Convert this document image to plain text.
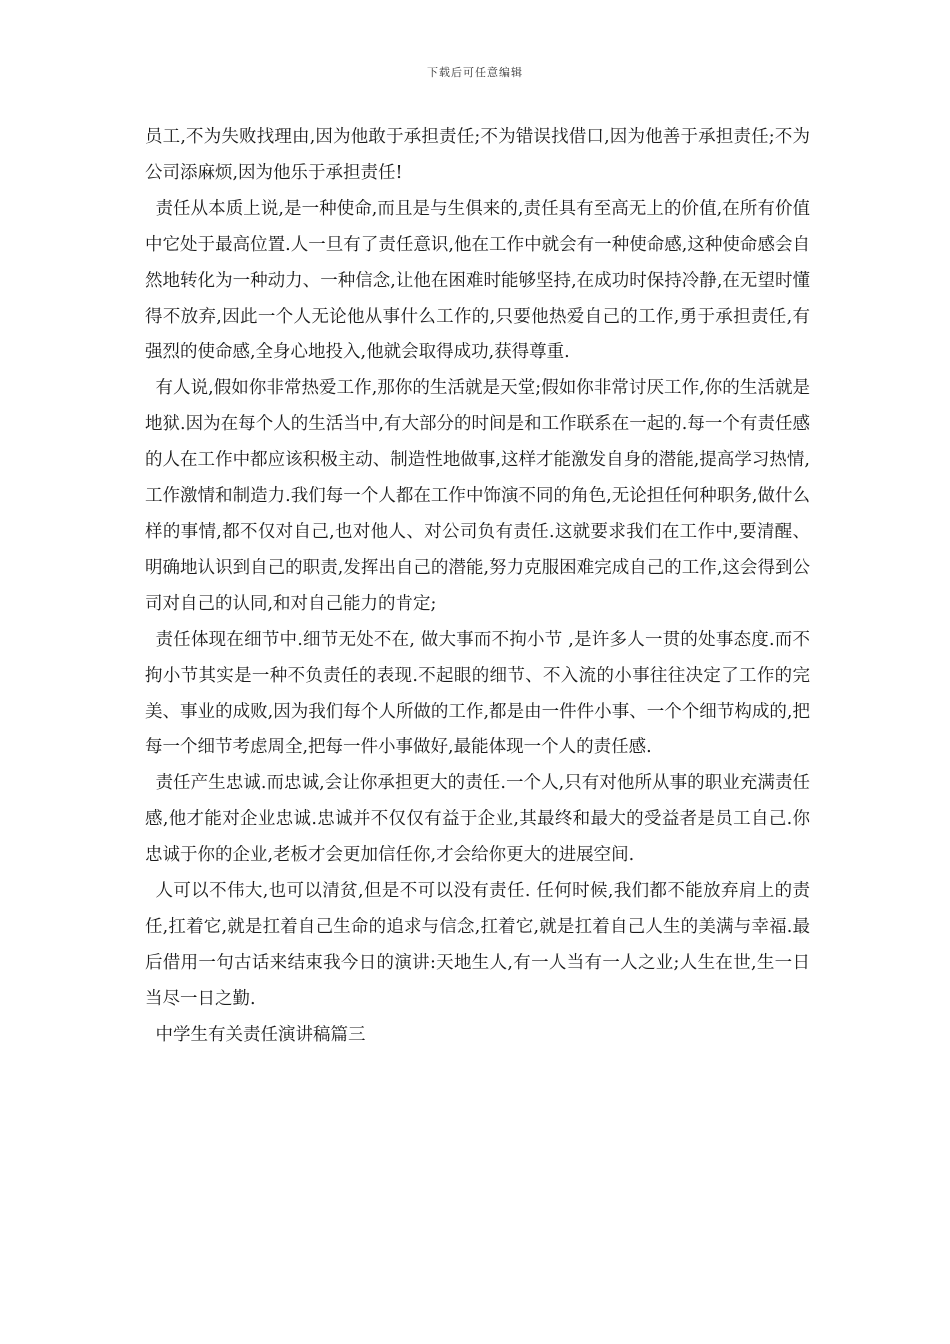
下载后可任意编辑

员工,不为失败找理由,因为他敢于承担责任;不为错误找借口,因为他善于承担责任;不为公司添麻烦,因为他乐于承担责任!

责任从本质上说,是一种使命,而且是与生俱来的,责任具有至高无上的价值,在所有价值中它处于最高位置.人一旦有了责任意识,他在工作中就会有一种使命感,这种使命感会自然地转化为一种动力、一种信念,让他在困难时能够坚持,在成功时保持冷静,在无望时懂得不放弃,因此一个人无论他从事什么工作的,只要他热爱自己的工作,勇于承担责任,有强烈的使命感,全身心地投入,他就会取得成功,获得尊重.

有人说,假如你非常热爱工作,那你的生活就是天堂;假如你非常讨厌工作,你的生活就是地狱.因为在每个人的生活当中,有大部分的时间是和工作联系在一起的.每一个有责任感的人在工作中都应该积极主动、制造性地做事,这样才能激发自身的潜能,提高学习热情,工作激情和制造力.我们每一个人都在工作中饰演不同的角色,无论担任何种职务,做什么样的事情,都不仅对自己,也对他人、对公司负有责任.这就要求我们在工作中,要清醒、明确地认识到自己的职责,发挥出自己的潜能,努力克服困难完成自己的工作,这会得到公司对自己的认同,和对自己能力的肯定;

责任体现在细节中.细节无处不在, 做大事而不拘小节 ,是许多人一贯的处事态度.而不拘小节其实是一种不负责任的表现.不起眼的细节、不入流的小事往往决定了工作的完美、事业的成败,因为我们每个人所做的工作,都是由一件件小事、一个个细节构成的,把每一个细节考虑周全,把每一件小事做好,最能体现一个人的责任感.

责任产生忠诚.而忠诚,会让你承担更大的责任.一个人,只有对他所从事的职业充满责任感,他才能对企业忠诚.忠诚并不仅仅有益于企业,其最终和最大的受益者是员工自己.你忠诚于你的企业,老板才会更加信任你,才会给你更大的进展空间.

人可以不伟大,也可以清贫,但是不可以没有责任. 任何时候,我们都不能放弃肩上的责任,扛着它,就是扛着自己生命的追求与信念,扛着它,就是扛着自己人生的美满与幸福.最后借用一句古话来结束我今日的演讲:天地生人,有一人当有一人之业;人生在世,生一日当尽一日之勤.

中学生有关责任演讲稿篇三
